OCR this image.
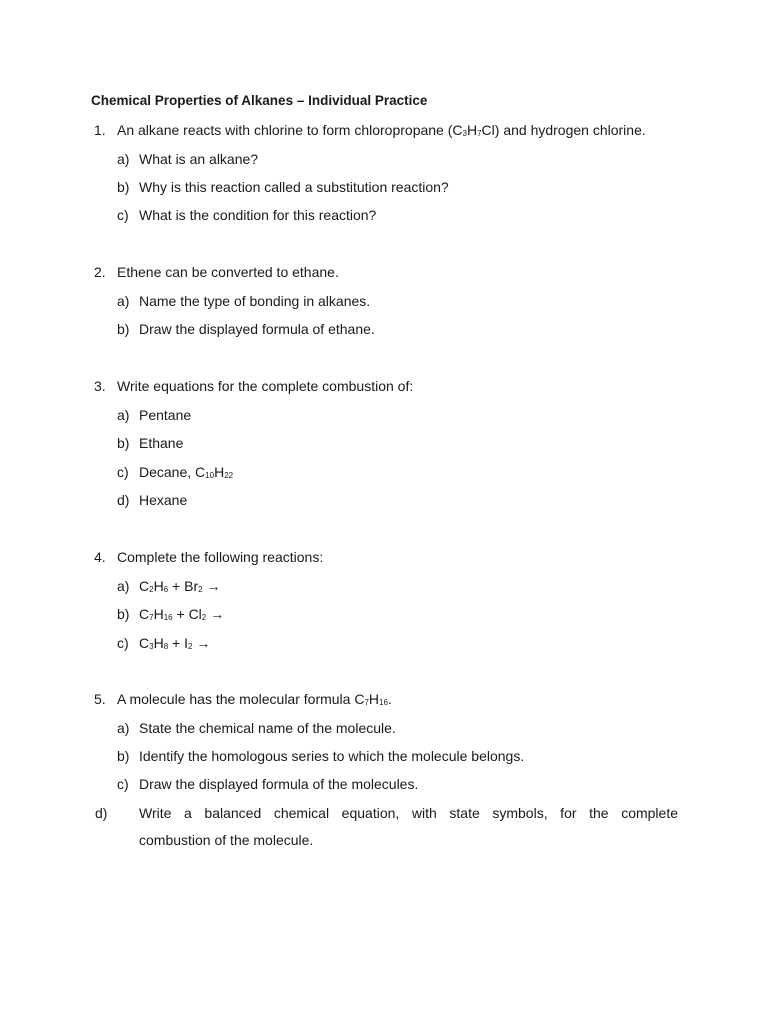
Chemical Properties of Alkanes – Individual Practice
1. An alkane reacts with chlorine to form chloropropane $(C_3H_7Cl)$ and hydrogen chlorine.
a) What is an alkane?
b) Why is this reaction called a substitution reaction?
c) What is the condition for this reaction?
2. Ethene can be converted to ethane.
a) Name the type of bonding in alkanes.
b) Draw the displayed formula of ethane.
3. Write equations for the complete combustion of:
a) Pentane
b) Ethane
c) Decane, $C_{10}H_{22}$
d) Hexane
4. Complete the following reactions:
a) $C_2H_6 + Br_2$ →
b) $C_7H_{16} + Cl_2$ →
c) $C_3H_8 + I_2$ →
5. A molecule has the molecular formula $C_7H_{16}$.
a) State the chemical name of the molecule.
b) Identify the homologous series to which the molecule belongs.
c) Draw the displayed formula of the molecules.
d) Write a balanced chemical equation, with state symbols, for the complete
combustion of the molecule.
